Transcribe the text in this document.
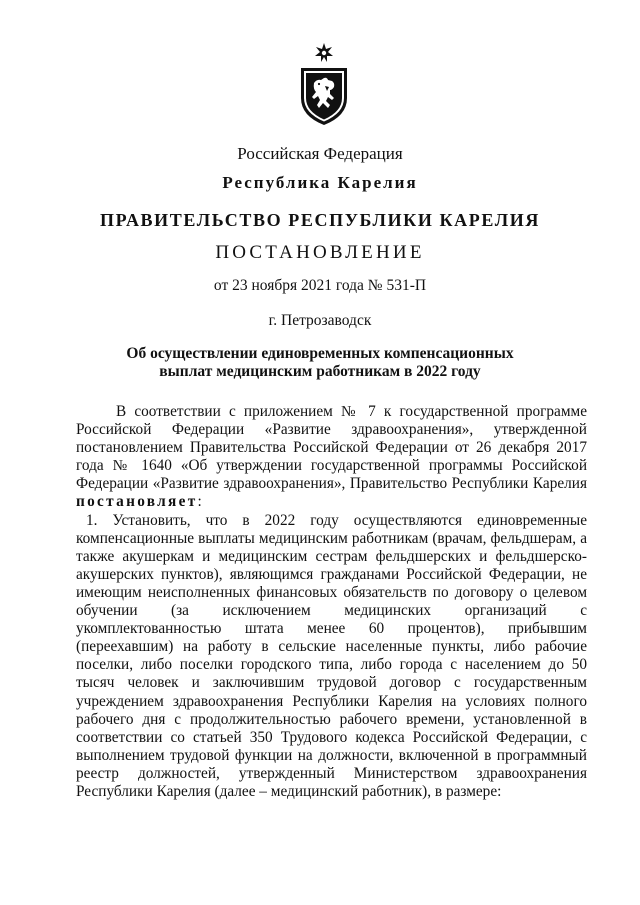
Российская Федерация
Республика Карелия
ПРАВИТЕЛЬСТВО РЕСПУБЛИКИ КАРЕЛИЯ
ПОСТАНОВЛЕНИЕ
от 23 ноября 2021 года № 531-П
г. Петрозаводск
Об осуществлении единовременных компенсационных
выплат медицинским работникам в 2022 году

В соответствии с приложением № 7 к государственной программе Российской Федерации «Развитие здравоохранения», утвержденной постановлением Правительства Российской Федерации от 26 декабря 2017 года № 1640 «Об утверждении государственной программы Российской Федерации «Развитие здравоохранения», Правительство Республики Карелия постановляет:

1. Установить, что в 2022 году осуществляются единовременные компенсационные выплаты медицинским работникам (врачам, фельдшерам, а также акушеркам и медицинским сестрам фельдшерских и фельдшерско-акушерских пунктов), являющимся гражданами Российской Федерации, не имеющим неисполненных финансовых обязательств по договору о целевом обучении (за исключением медицинских организаций с укомплектованностью штата менее 60 процентов), прибывшим (переехавшим) на работу в сельские населенные пункты, либо рабочие поселки, либо поселки городского типа, либо города с населением до 50 тысяч человек и заключившим трудовой договор с государственным учреждением здравоохранения Республики Карелия на условиях полного рабочего дня с продолжительностью рабочего времени, установленной в соответствии со статьей 350 Трудового кодекса Российской Федерации, с выполнением трудовой функции на должности, включенной в программный реестр должностей, утвержденный Министерством здравоохранения Республики Карелия (далее – медицинский работник), в размере:
